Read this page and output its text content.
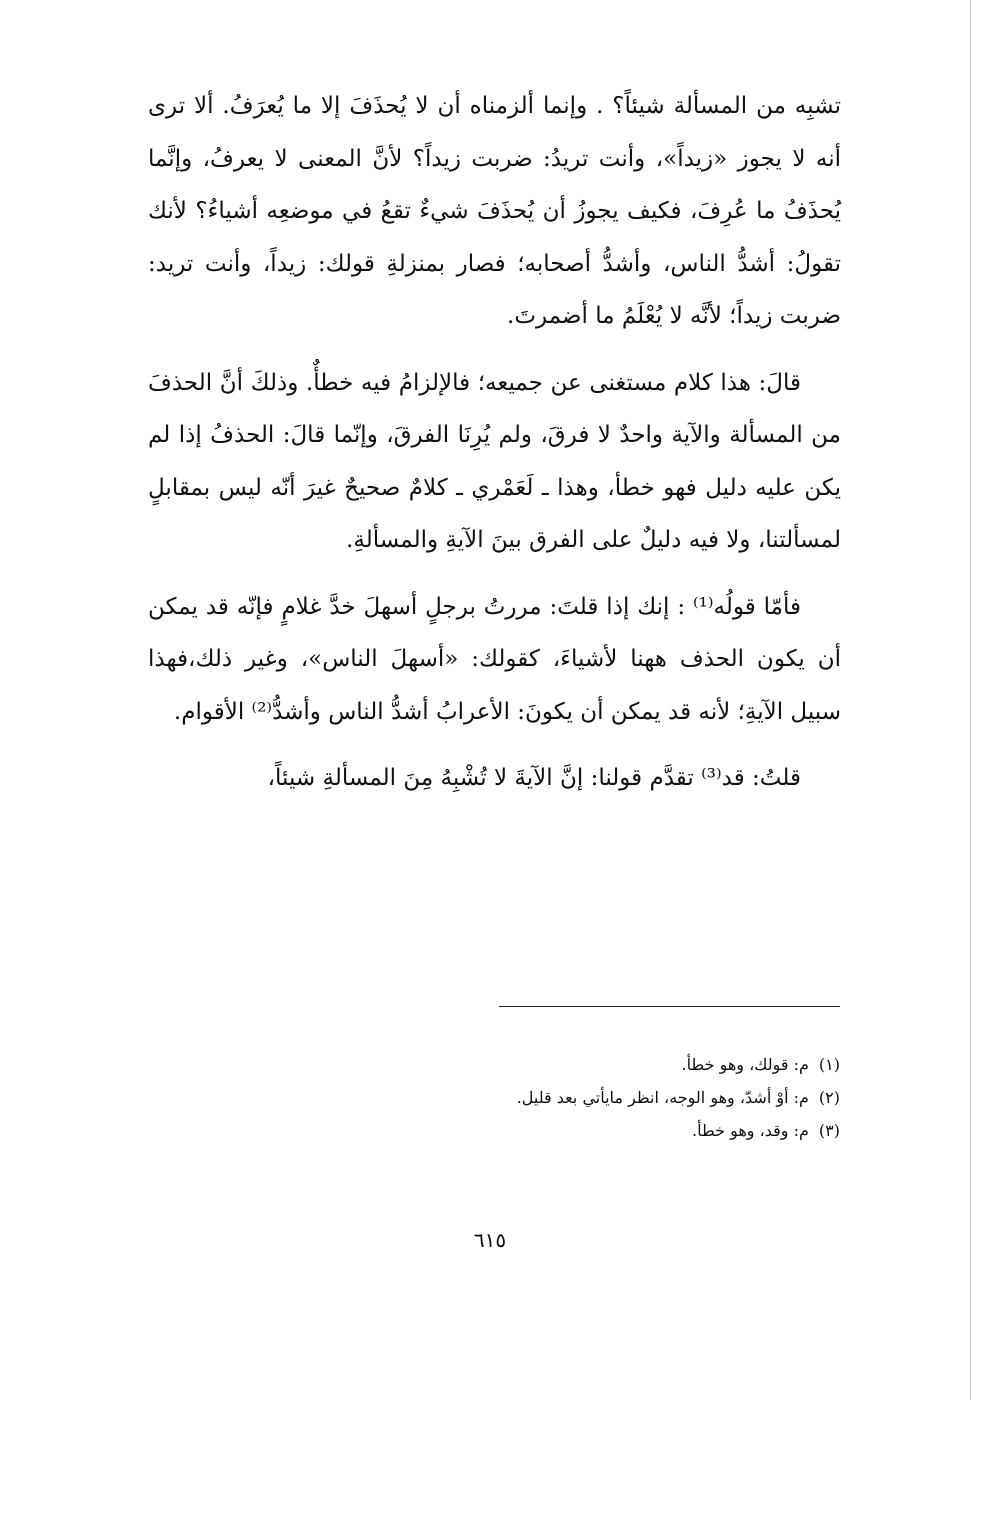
تشبِه من المسألة شيئاً؟ . وإنما ألزمناه أن لا يُحذَفَ إلا ما يُعرَفُ. ألا ترى أنه لا يجوز «زيداً»، وأنت تريدُ: ضربت زيداً؟ لأنَّ المعنى لا يعرفُ، وإنَّما يُحذَفُ ما عُرِفَ، فكيف يجوزُ أن يُحذَفَ شيءٌ تقعُ في موضعِه أشياءُ؟ لأنك تقولُ: أشدُّ الناس، وأشدُّ أصحابه؛ فصار بمنزلةِ قولك: زيداً، وأنت تريد: ضربت زيداً؛ لأنَّه لا يُعْلَمُ ما أضمرتَ.

قالَ: هذا كلام مستغنى عن جميعه؛ فالإلزامُ فيه خطأٌ. وذلكَ أنَّ الحذفَ من المسألة والآية واحدٌ لا فرقَ، ولم يُرِنَا الفرقَ، وإنّما قالَ: الحذفُ إذا لم يكن عليه دليل فهو خطأ، وهذا ـ لَعَمْري ـ كلامٌ صحيحٌ غيرَ أنّه ليس بمقابلٍ لمسألتنا، ولا فيه دليلٌ على الفرق بينَ الآيةِ والمسألةِ.

فأمّا قولُه⁽¹⁾ : إنك إذا قلتَ: مررتُ برجلٍ أسهلَ خدَّ غلامٍ فإنّه قد يمكن أن يكون الحذف ههنا لأشياءَ، كقولك: «أسهلَ الناس»، وغير ذلك،فهذا سبيل الآيةِ؛ لأنه قد يمكن أن يكونَ: الأعرابُ أشدُّ الناس وأشدُّ⁽²⁾ الأقوام.

قلتُ: قد⁽³⁾ تقدَّم قولنا: إنَّ الآيةَ لا تُشْبِهُ مِنَ المسألةِ شيئاً،

(١)م: قولك، وهو خطأ.
(٢)م: أوْ أشدّ، وهو الوجه، انظر مايأتي بعد قليل.
(٣)م: وقد، وهو خطأ.
٦١٥
